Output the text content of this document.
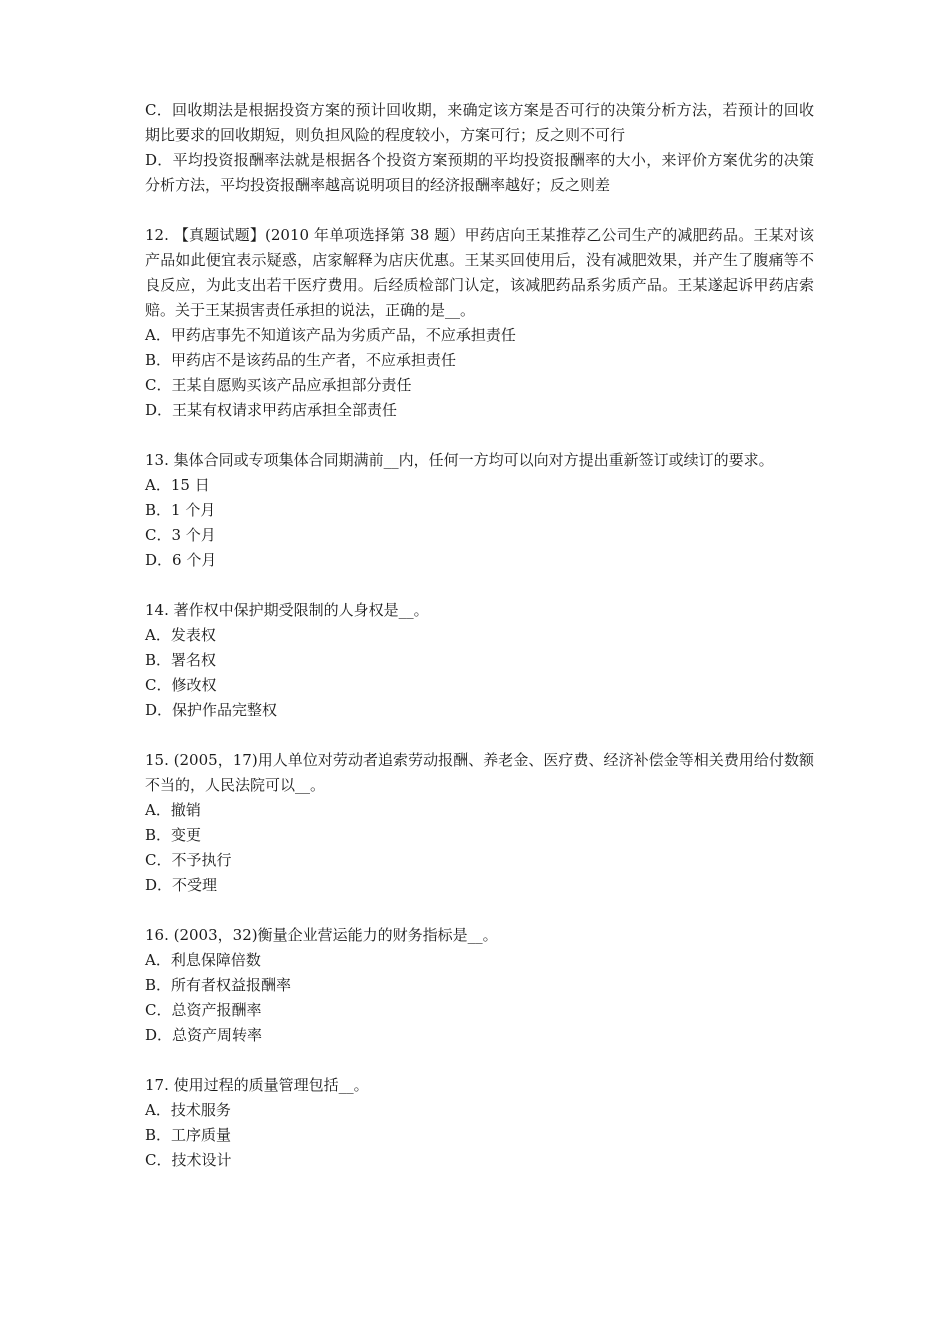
C．回收期法是根据投资方案的预计回收期，来确定该方案是否可行的决策分析方法，若预计的回收期比要求的回收期短，则负担风险的程度较小，方案可行；反之则不可行
D．平均投资报酬率法就是根据各个投资方案预期的平均投资报酬率的大小，来评价方案优劣的决策分析方法，平均投资报酬率越高说明项目的经济报酬率越好；反之则差
12. 【真题试题】(2010 年单项选择第 38 题）甲药店向王某推荐乙公司生产的减肥药品。王某对该产品如此便宜表示疑惑，店家解释为店庆优惠。王某买回使用后，没有减肥效果，并产生了腹痛等不良反应，为此支出若干医疗费用。后经质检部门认定，该减肥药品系劣质产品。王某遂起诉甲药店索赔。关于王某损害责任承担的说法，正确的是__。
A．甲药店事先不知道该产品为劣质产品，不应承担责任
B．甲药店不是该药品的生产者，不应承担责任
C．王某自愿购买该产品应承担部分责任
D．王某有权请求甲药店承担全部责任
13. 集体合同或专项集体合同期满前__内，任何一方均可以向对方提出重新签订或续订的要求。
A．15 日
B．1 个月
C．3 个月
D．6 个月
14. 著作权中保护期受限制的人身权是__。
A．发表权
B．署名权
C．修改权
D．保护作品完整权
15. (2005，17)用人单位对劳动者追索劳动报酬、养老金、医疗费、经济补偿金等相关费用给付数额不当的，人民法院可以__。
A．撤销
B．变更
C．不予执行
D．不受理
16. (2003，32)衡量企业营运能力的财务指标是__。
A．利息保障倍数
B．所有者权益报酬率
C．总资产报酬率
D．总资产周转率
17. 使用过程的质量管理包括__。
A．技术服务
B．工序质量
C．技术设计
